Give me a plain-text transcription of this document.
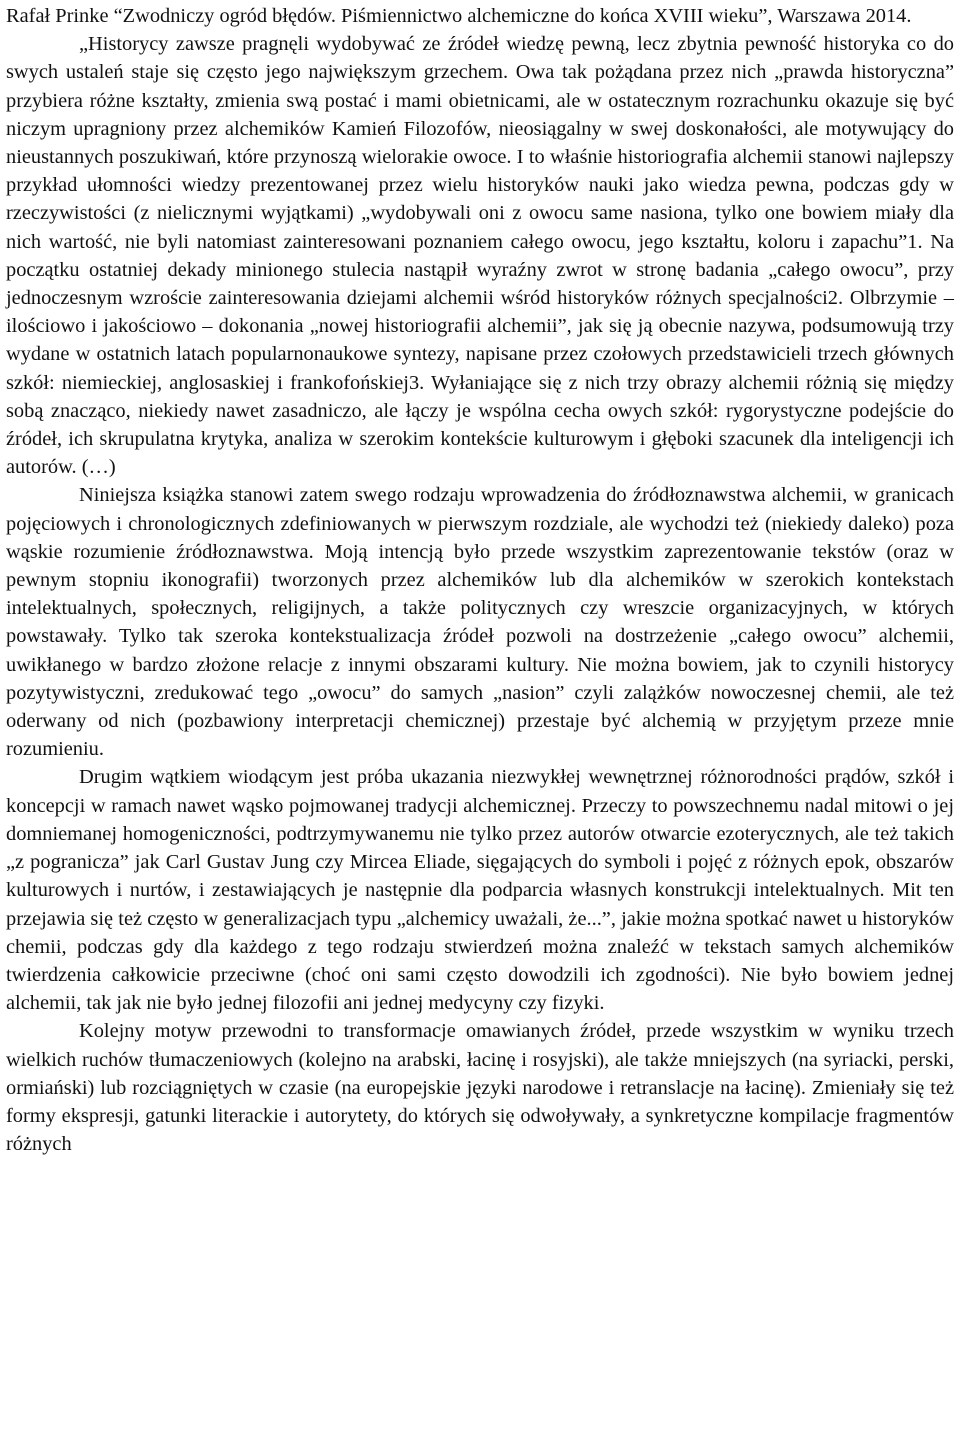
Rafał Prinke “Zwodniczy ogród błędów. Piśmiennictwo alchemiczne do końca XVIII wieku”, Warszawa 2014.

„Historycy zawsze pragnęli wydobywać ze źródeł wiedzę pewną, lecz zbytnia pewność historyka co do swych ustaleń staje się często jego największym grzechem. Owa tak pożądana przez nich „prawda historyczna” przybiera różne kształty, zmienia swą postać i mami obietnicami, ale w ostatecznym rozrachunku okazuje się być niczym upragniony przez alchemików Kamień Filozofów, nieosiągalny w swej doskonałości, ale motywujący do nieustannych poszukiwań, które przynoszą wielorakie owoce. I to właśnie historiografia alchemii stanowi najlepszy przykład ułomności wiedzy prezentowanej przez wielu historyków nauki jako wiedza pewna, podczas gdy w rzeczywistości (z nielicznymi wyjątkami) „wydobywali oni z owocu same nasiona, tylko one bowiem miały dla nich wartość, nie byli natomiast zainteresowani poznaniem całego owocu, jego kształtu, koloru i zapachu”1. Na początku ostatniej dekady minionego stulecia nastąpił wyraźny zwrot w stronę badania „całego owocu”, przy jednoczesnym wzroście zainteresowania dziejami alchemii wśród historyków różnych specjalności2. Olbrzymie – ilościowo i jakościowo – dokonania „nowej historiografii alchemii”, jak się ją obecnie nazywa, podsumowują trzy wydane w ostatnich latach popularnonaukowe syntezy, napisane przez czołowych przedstawicieli trzech głównych szkół: niemieckiej, anglosaskiej i frankofońskiej3. Wyłaniające się z nich trzy obrazy alchemii różnią się między sobą znacząco, niekiedy nawet zasadniczo, ale łączy je wspólna cecha owych szkół: rygorystyczne podejście do źródeł, ich skrupulatna krytyka, analiza w szerokim kontekście kulturowym i głęboki szacunek dla inteligencji ich autorów. (…)

Niniejsza książka stanowi zatem swego rodzaju wprowadzenia do źródłoznawstwa alchemii, w granicach pojęciowych i chronologicznych zdefiniowanych w pierwszym rozdziale, ale wychodzi też (niekiedy daleko) poza wąskie rozumienie źródłoznawstwa. Moją intencją było przede wszystkim zaprezentowanie tekstów (oraz w pewnym stopniu ikonografii) tworzonych przez alchemików lub dla alchemików w szerokich kontekstach intelektualnych, społecznych, religijnych, a także politycznych czy wreszcie organizacyjnych, w których powstawały. Tylko tak szeroka kontekstualizacja źródeł pozwoli na dostrzeżenie „całego owocu” alchemii, uwikłanego w bardzo złożone relacje z innymi obszarami kultury. Nie można bowiem, jak to czynili historycy pozytywistyczni, zredukować tego „owocu” do samych „nasion” czyli zalążków nowoczesnej chemii, ale też oderwany od nich (pozbawiony interpretacji chemicznej) przestaje być alchemią w przyjętym przeze mnie rozumieniu.

Drugim wątkiem wiodącym jest próba ukazania niezwykłej wewnętrznej różnorodności prądów, szkół i koncepcji w ramach nawet wąsko pojmowanej tradycji alchemicznej. Przeczy to powszechnemu nadal mitowi o jej domniemanej homogeniczności, podtrzymywanemu nie tylko przez autorów otwarcie ezoterycznych, ale też takich „z pogranicza” jak Carl Gustav Jung czy Mircea Eliade, sięgających do symboli i pojęć z różnych epok, obszarów kulturowych i nurtów, i zestawiających je następnie dla podparcia własnych konstrukcji intelektualnych. Mit ten przejawia się też często w generalizacjach typu „alchemicy uważali, że...”, jakie można spotkać nawet u historyków chemii, podczas gdy dla każdego z tego rodzaju stwierdzeń można znaleźć w tekstach samych alchemików twierdzenia całkowicie przeciwne (choć oni sami często dowodzili ich zgodności). Nie było bowiem jednej alchemii, tak jak nie było jednej filozofii ani jednej medycyny czy fizyki.

Kolejny motyw przewodni to transformacje omawianych źródeł, przede wszystkim w wyniku trzech wielkich ruchów tłumaczeniowych (kolejno na arabski, łacinę i rosyjski), ale także mniejszych (na syriacki, perski, ormiański) lub rozciągniętych w czasie (na europejskie języki narodowe i retranslacje na łacinę). Zmieniały się też formy ekspresji, gatunki literackie i autorytety, do których się odwoływały, a synkretyczne kompilacje fragmentów różnych
